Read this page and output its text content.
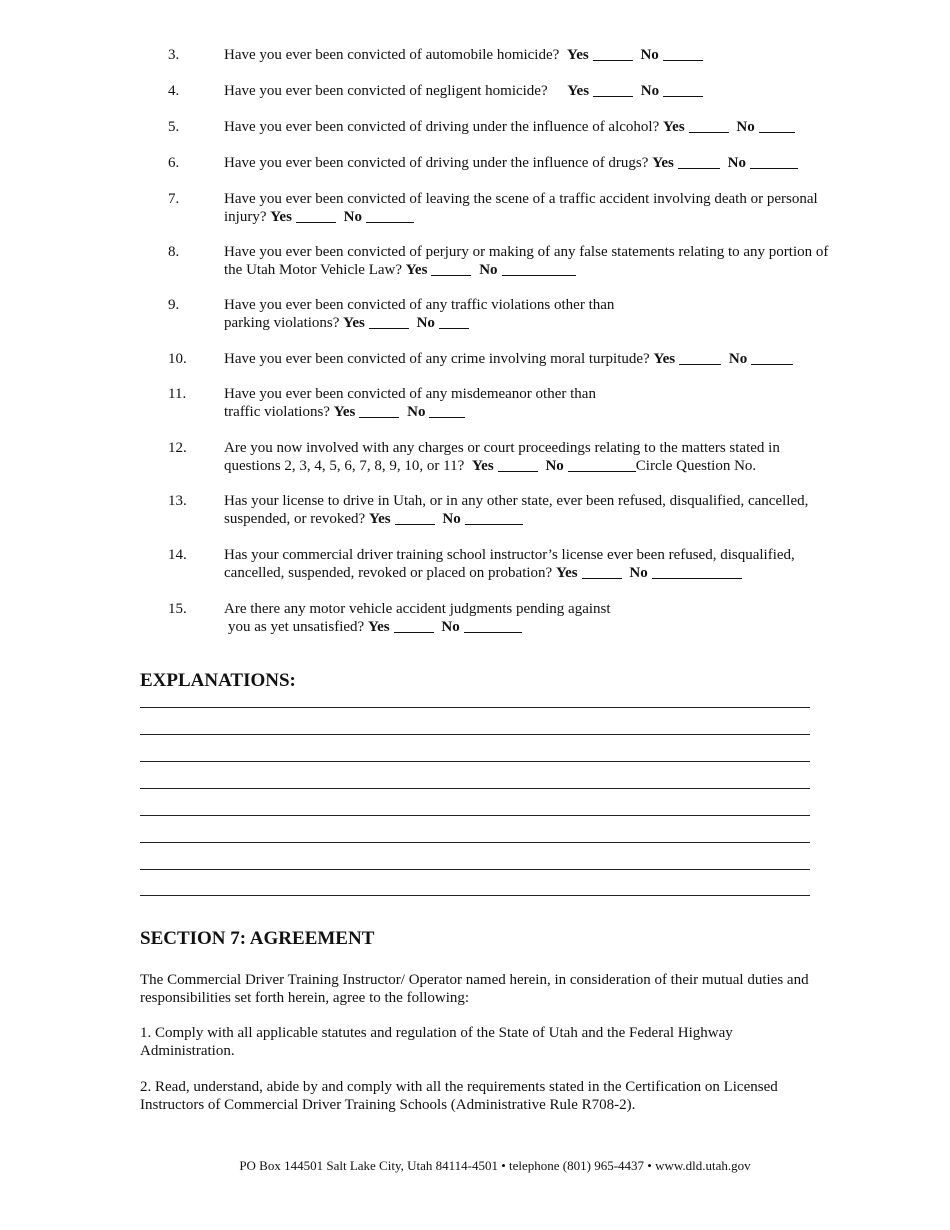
3.	Have you ever been convicted of automobile homicide? Yes	No
4.	Have you ever been convicted of negligent homicide? Yes	No
5.	Have you ever been convicted of driving under the influence of alcohol? Yes	No
6.	Have you ever been convicted of driving under the influence of drugs? Yes	No
7.	Have you ever been convicted of leaving the scene of a traffic accident involving death or personal
injury? Yes	No
8.	Have you ever been convicted of perjury or making of any false statements relating to any portion of
the Utah Motor Vehicle Law? Yes	No
9.	Have you ever been convicted of any traffic violations other than
parking violations? Yes	No
10. Have you ever been convicted of any crime involving moral turpitude? Yes	No
11.	Have you ever been convicted of any misdemeanor other than
traffic violations? Yes	No
12. Are you now involved with any charges or court proceedings relating to the matters stated in
questions 2, 3, 4, 5, 6, 7, 8, 9, 10, or 11? Yes	No	Circle Question No.
13. Has your license to drive in Utah, or in any other state, ever been refused, disqualified, cancelled,
suspended, or revoked? Yes	No
14. Has your commercial driver training school instructor’s license ever been refused, disqualified,
cancelled, suspended, revoked or placed on probation? Yes	No
15. Are there any motor vehicle accident judgments pending against
you as yet unsatisfied? Yes	No
EXPLANATIONS:
SECTION 7: AGREEMENT

The Commercial Driver Training Instructor/ Operator named herein, in consideration of their mutual duties and
responsibilities set forth herein, agree to the following:

1. Comply with all applicable statutes and regulation of the State of Utah and the Federal Highway
Administration.

2. Read, understand, abide by and comply with all the requirements stated in the Certification on Licensed
Instructors of Commercial Driver Training Schools (Administrative Rule R708-2).

PO Box 144501 Salt Lake City, Utah 84114-4501 • telephone (801) 965-4437 • www.dld.utah.gov
